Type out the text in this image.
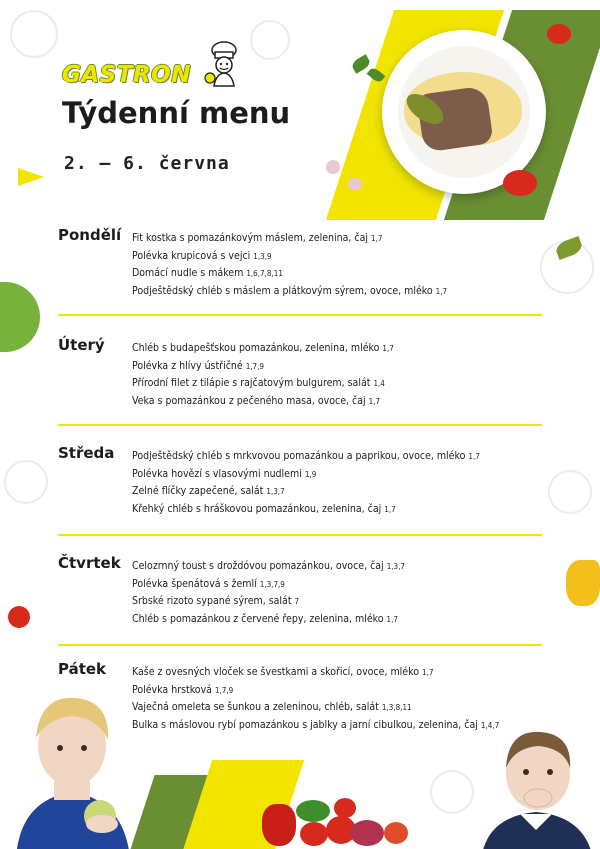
GASTRON
Týdenní menu
2. – 6. června
Pondělí Fit kostka s pomazánkovým máslem, zelenina, čaj 1,7
Polévka krupicová s vejci 1,3,9
Domácí nudle s mákem 1,6,7,8,11
Podještědský chléb s máslem a plátkovým sýrem, ovoce, mléko 1,7
Úterý	Chléb s budapešťskou pomazánkou, zelenina, mléko 1,7
Polévka z hlívy ústřičné 1,7,9
Přírodní filet z tilápie s rajčatovým bulgurem, salát 1,4
Veka s pomazánkou z pečeného masa, ovoce, čaj 1,7
Středa Podještědský chléb s mrkvovou pomazánkou a paprikou, ovoce, mléko 1,7
Polévka hovězí s vlasovými nudlemi 1,9
Zelné flíčky zapečené, salát 1,3,7
Křehký chléb s hráškovou pomazánkou, zelenina, čaj 1,7
Čtvrtek Celozrnný toust s droždóvou pomazánkou, ovoce, čaj 1,3,7
Polévka špenátová s žemlí 1,3,7,9
Srbské rizoto sypané sýrem, salát 7
Chléb s pomazánkou z červené řepy, zelenina, mléko 1,7
Pátek Kaše z ovesných vloček se švestkami a skořicí, ovoce, mléko 1,7
Polévka hrstková 1,7,9
Vaječná omeleta se šunkou a zeleninou, chléb, salát 1,3,8,11
Bulka s máslovou rybí pomazánkou s jablky a jarní cibulkou, zelenina, čaj 1,4,7
